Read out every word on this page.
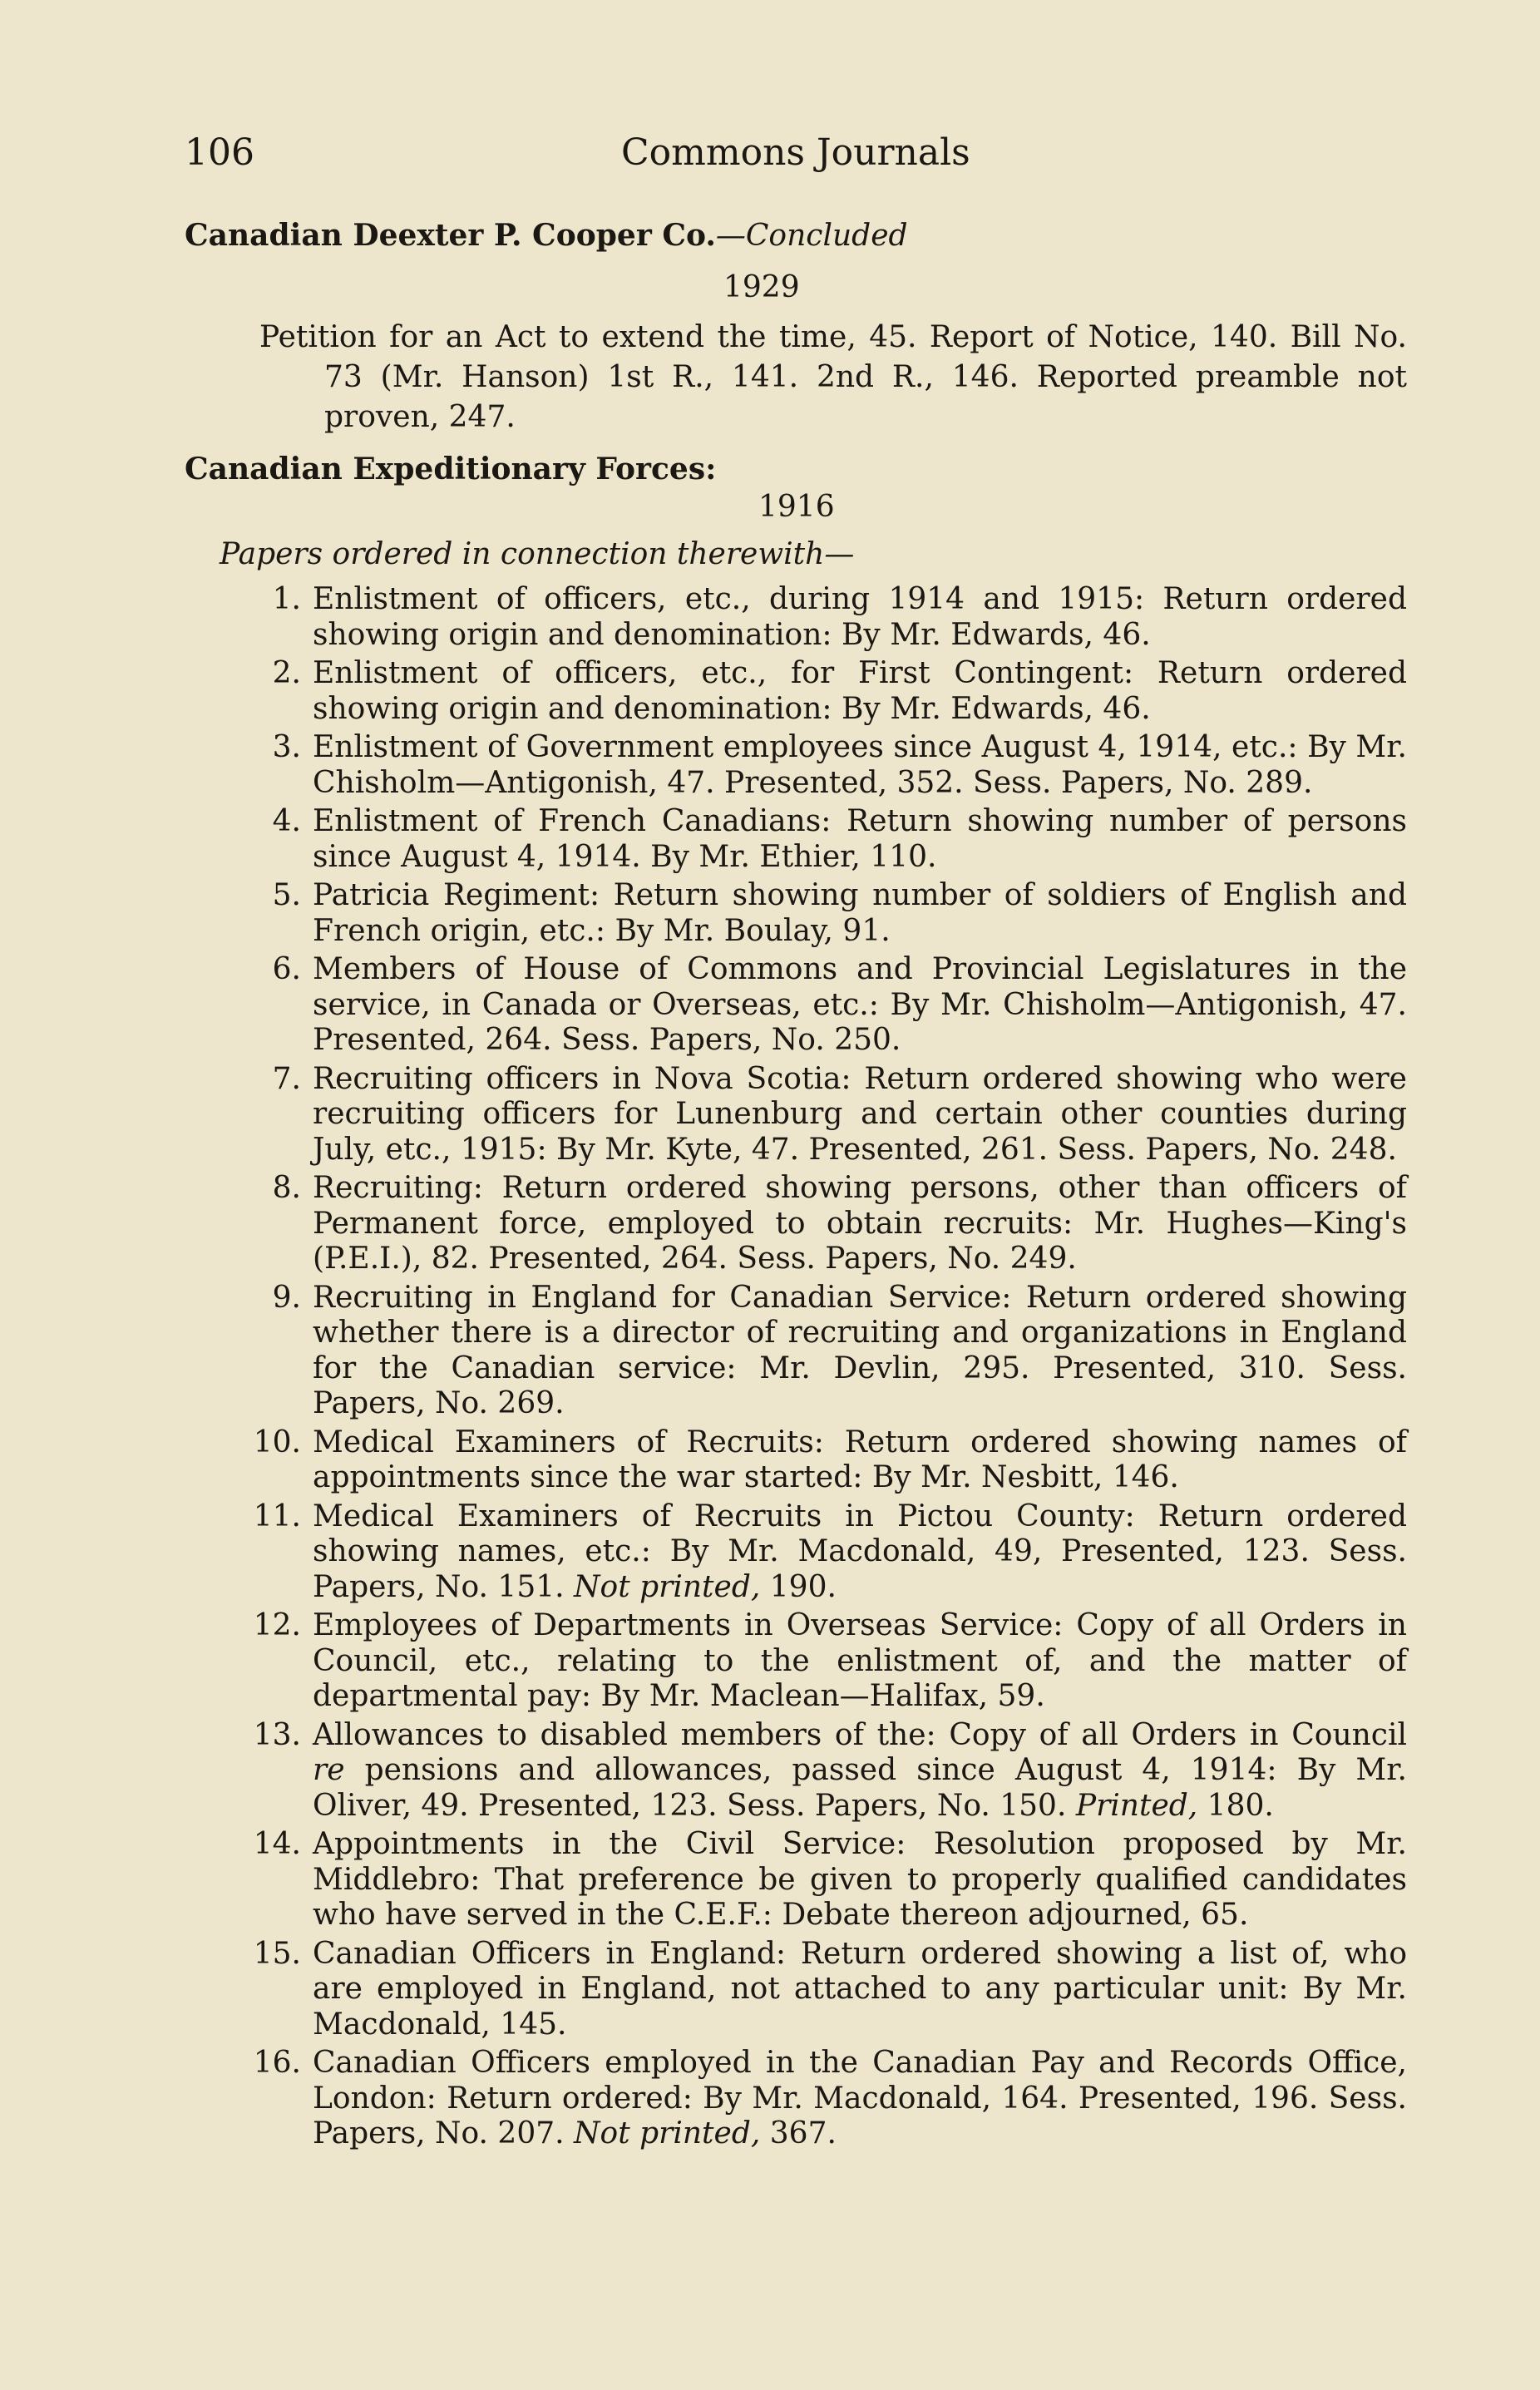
106	Commons Journals
Canadian Deexter P. Cooper Co.—Concluded
1929
Petition for an Act to extend the time, 45. Report of Notice, 140. Bill No. 73 (Mr. Hanson) 1st R., 141. 2nd R., 146. Reported preamble not proven, 247.
Canadian Expeditionary Forces:
1916
Papers ordered in connection therewith—
1. Enlistment of officers, etc., during 1914 and 1915: Return ordered showing origin and denomination: By Mr. Edwards, 46.
2. Enlistment of officers, etc., for First Contingent: Return ordered showing origin and denomination: By Mr. Edwards, 46.
3. Enlistment of Government employees since August 4, 1914, etc.: By Mr. Chisholm—Antigonish, 47. Presented, 352. Sess. Papers, No. 289.
4. Enlistment of French Canadians: Return showing number of persons since August 4, 1914. By Mr. Ethier, 110.
5. Patricia Regiment: Return showing number of soldiers of English and French origin, etc.: By Mr. Boulay, 91.
6. Members of House of Commons and Provincial Legislatures in the service, in Canada or Overseas, etc.: By Mr. Chisholm—Antigonish, 47. Presented, 264. Sess. Papers, No. 250.
7. Recruiting officers in Nova Scotia: Return ordered showing who were recruiting officers for Lunenburg and certain other counties during July, etc., 1915: By Mr. Kyte, 47. Presented, 261. Sess. Papers, No. 248.
8. Recruiting: Return ordered showing persons, other than officers of Permanent force, employed to obtain recruits: Mr. Hughes—King's (P.E.I.), 82. Presented, 264. Sess. Papers, No. 249.
9. Recruiting in England for Canadian Service: Return ordered showing whether there is a director of recruiting and organizations in England for the Canadian service: Mr. Devlin, 295. Presented, 310. Sess. Papers, No. 269.
10. Medical Examiners of Recruits: Return ordered showing names of appointments since the war started: By Mr. Nesbitt, 146.
11. Medical Examiners of Recruits in Pictou County: Return ordered showing names, etc.: By Mr. Macdonald, 49, Presented, 123. Sess. Papers, No. 151. Not printed, 190.
12. Employees of Departments in Overseas Service: Copy of all Orders in Council, etc., relating to the enlistment of, and the matter of departmental pay: By Mr. Maclean—Halifax, 59.
13. Allowances to disabled members of the: Copy of all Orders in Council re pensions and allowances, passed since August 4, 1914: By Mr. Oliver, 49. Presented, 123. Sess. Papers, No. 150. Printed, 180.
14. Appointments in the Civil Service: Resolution proposed by Mr. Middlebro: That preference be given to properly qualified candidates who have served in the C.E.F.: Debate thereon adjourned, 65.
15. Canadian Officers in England: Return ordered showing a list of, who are employed in England, not attached to any particular unit: By Mr. Macdonald, 145.
16. Canadian Officers employed in the Canadian Pay and Records Office, London: Return ordered: By Mr. Macdonald, 164. Presented, 196. Sess. Papers, No. 207. Not printed, 367.
